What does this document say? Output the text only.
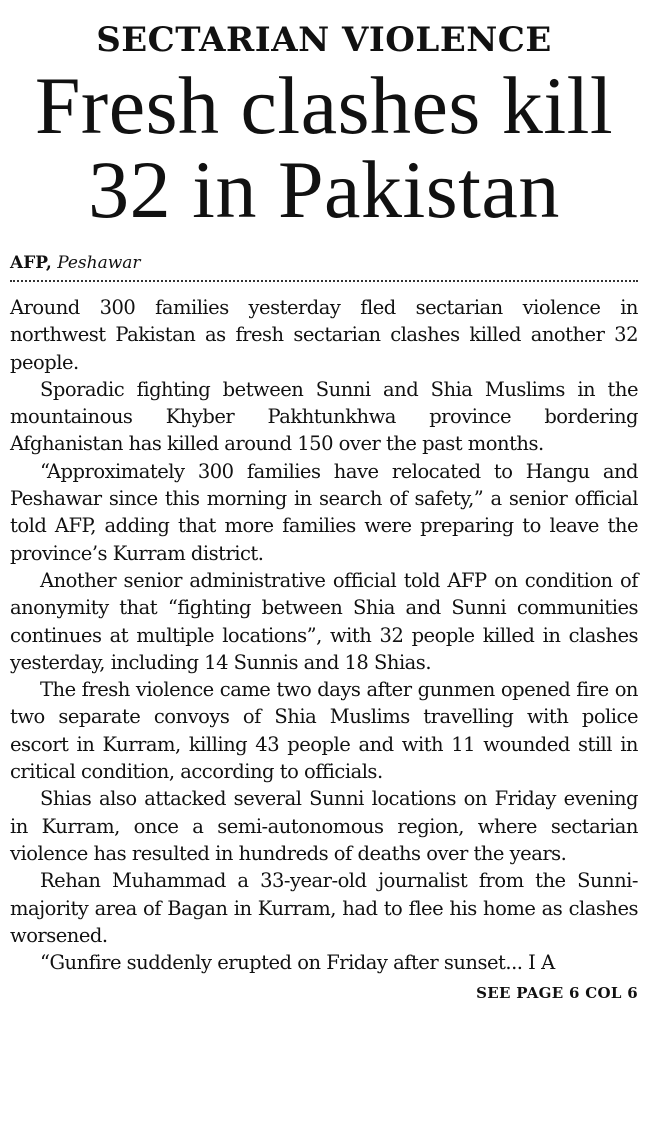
SECTARIAN VIOLENCE
Fresh clashes kill
32 in Pakistan
AFP, Peshawar

Around 300 families yesterday fled sectarian violence in northwest Pakistan as fresh sectarian clashes killed another 32 people.

Sporadic fighting between Sunni and Shia Muslims in the mountainous Khyber Pakhtunkhwa province bordering Afghanistan has killed around 150 over the past months.

“Approximately 300 families have relocated to Hangu and Peshawar since this morning in search of safety,” a senior official told AFP, adding that more families were preparing to leave the province’s Kurram district.

Another senior administrative official told AFP on condition of anonymity that “fighting between Shia and Sunni communities continues at multiple locations”, with 32 people killed in clashes yesterday, including 14 Sunnis and 18 Shias.

The fresh violence came two days after gunmen opened fire on two separate convoys of Shia Muslims travelling with police escort in Kurram, killing 43 people and with 11 wounded still in critical condition, according to officials.

Shias also attacked several Sunni locations on Friday evening in Kurram, once a semi-autonomous region, where sectarian violence has resulted in hundreds of deaths over the years.

Rehan Muhammad a 33-year-old journalist from the Sunni-majority area of Bagan in Kurram, had to flee his home as clashes worsened.

“Gunfire suddenly erupted on Friday after sunset... I A

SEE PAGE 6 COL 6
